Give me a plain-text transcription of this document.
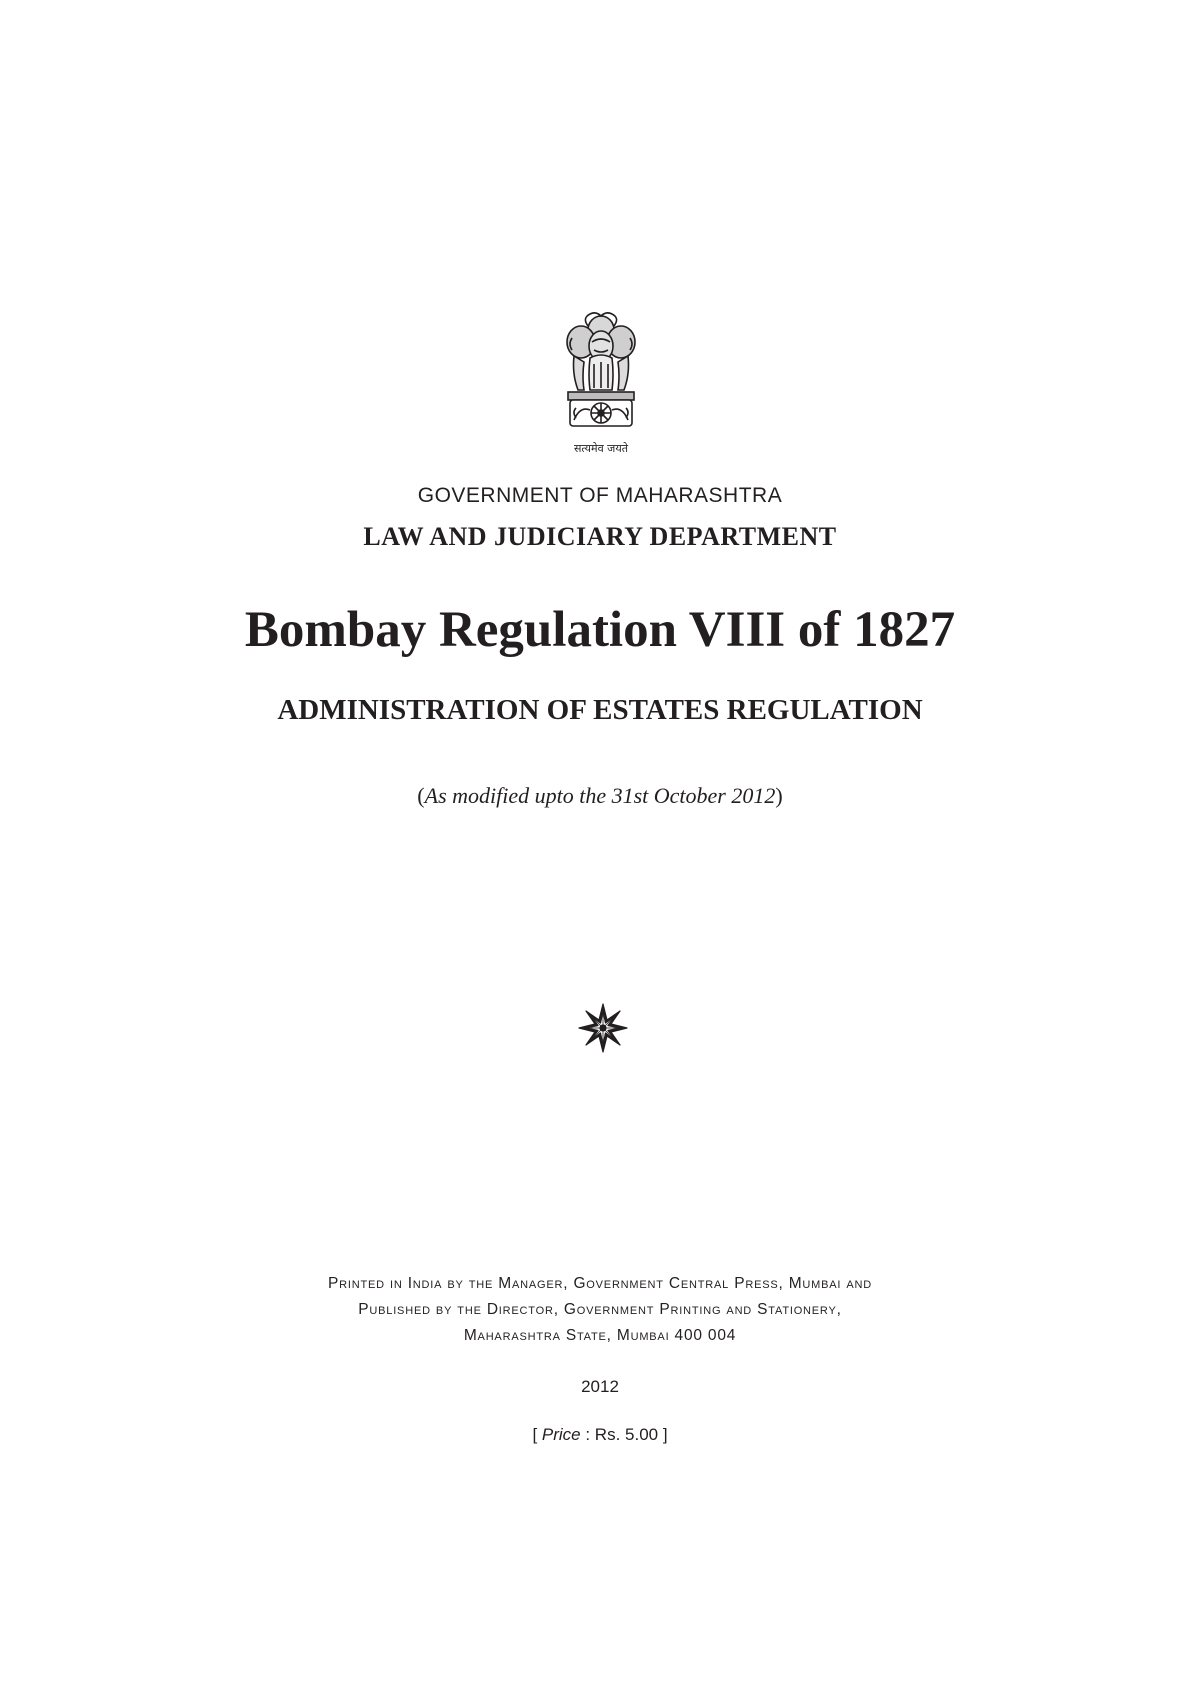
सत्यमेव जयते

GOVERNMENT OF MAHARASHTRA

LAW AND JUDICIARY DEPARTMENT

Bombay Regulation VIII of 1827
ADMINISTRATION OF ESTATES REGULATION

(As modified upto the 31st October 2012)

Printed in India by the Manager, Government Central Press, Mumbai and

Published by the Director, Government Printing and Stationery,

Maharashtra State, Mumbai 400 004

2012

[ Price : Rs. 5.00 ]
